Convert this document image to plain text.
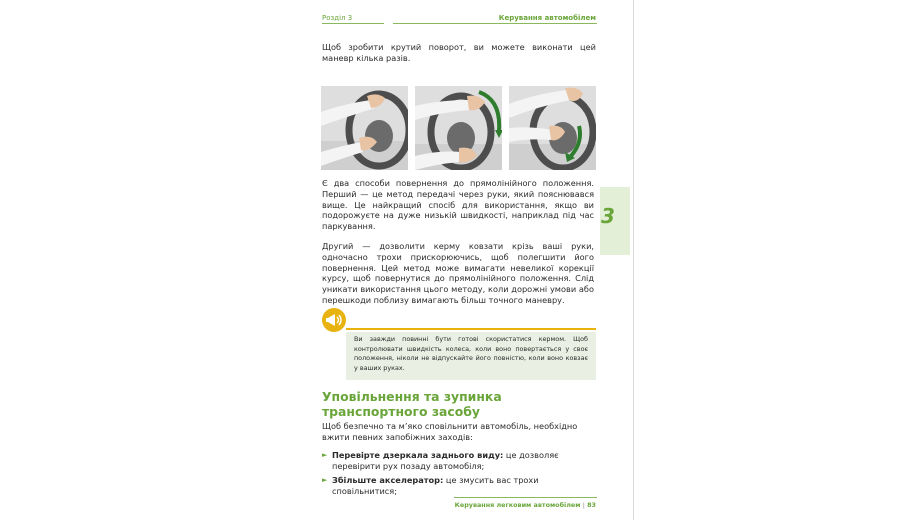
Розділ 3	Керування автомобілем
Щоб зробити крутий поворот, ви можете виконати цей маневр кілька разів.
Є два способи повернення до прямолінійного положення. Перший — це метод передачі через руки, який пояснювався вище. Це найкращий спосіб для використання, якщо ви подорожуєте на дуже низькій швидкості, наприклад під час паркування.
Другий — дозволити керму ковзати крізь ваші руки, одночасно трохи прискорюючись, щоб полегшити його повернення. Цей метод може вимагати невеликої корекції курсу, щоб повернутися до прямолінійного положення. Слід уникати використання цього методу, коли дорожні умови або перешкоди поблизу вимагають більш точного маневру.
3
Ви завжди повинні бути готові скористатися кермом. Щоб контролювати швидкість колеса, коли воно повертається у своє положення, ніколи не відпускайте його повністю, коли воно ковзає у ваших руках.
Уповільнення та зупинка
транспортного засобу
Щоб безпечно та м’яко сповільнити автомобіль, необхідно вжити певних запобіжних заходів:
► Перевірте дзеркала заднього виду: це дозволяє перевірити рух позаду автомобіля;
► Збільште акселератор: це змусить вас трохи сповільнитися;
Керування легковим автомобілем | 83
